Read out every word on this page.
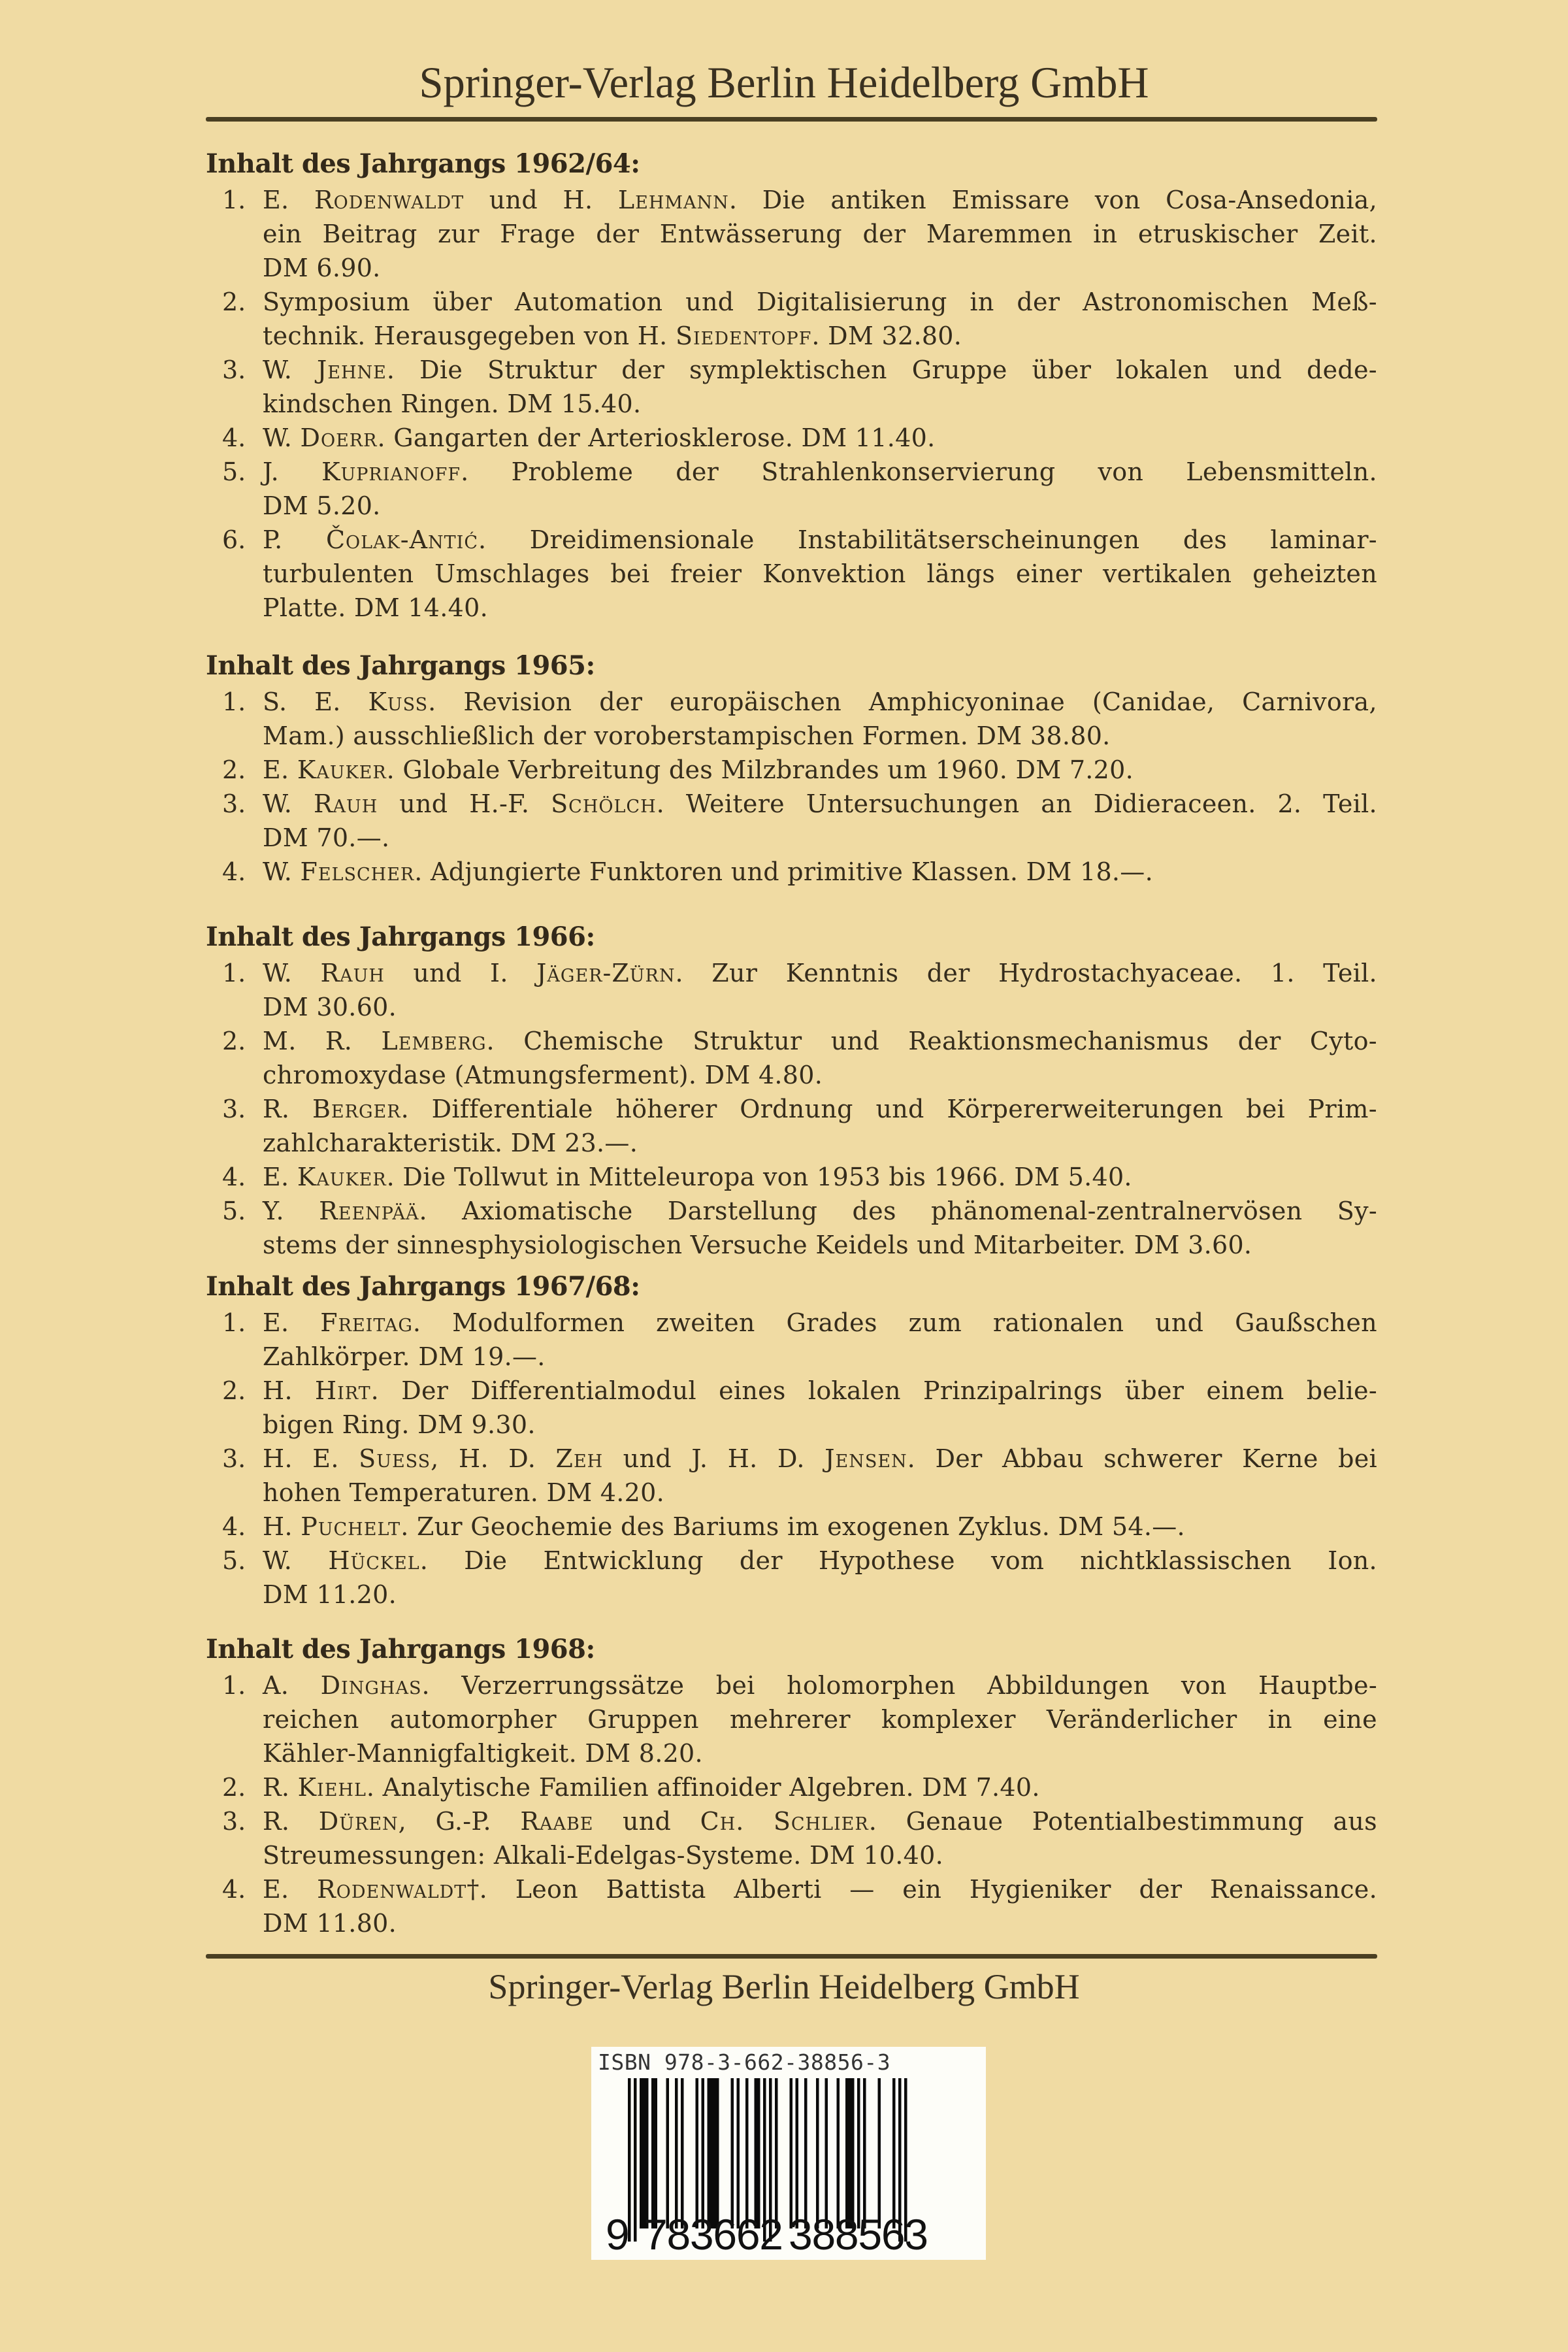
Springer-Verlag Berlin Heidelberg GmbH
Inhalt des Jahrgangs 1962/64:
1. E. Rodenwaldt und H. Lehmann. Die antiken Emissare von Cosa-Ansedonia,
ein Beitrag zur Frage der Entwässerung der Maremmen in etruskischer Zeit.
DM 6.90.
2. Symposium über Automation und Digitalisierung in der Astronomischen Meß-
technik. Herausgegeben von H. Siedentopf. DM 32.80.
3. W. Jehne. Die Struktur der symplektischen Gruppe über lokalen und dede-
kindschen Ringen. DM 15.40.
4. W. Doerr. Gangarten der Arteriosklerose. DM 11.40.
5. J. Kuprianoff. Probleme der Strahlenkonservierung von Lebensmitteln.
DM 5.20.
6. P. Čolak-Antić. Dreidimensionale Instabilitätserscheinungen des laminar-
turbulenten Umschlages bei freier Konvektion längs einer vertikalen geheizten
Platte. DM 14.40.
Inhalt des Jahrgangs 1965:
1. S. E. Kuss. Revision der europäischen Amphicyoninae (Canidae, Carnivora,
Mam.) ausschließlich der voroberstampischen Formen. DM 38.80.
2. E. Kauker. Globale Verbreitung des Milzbrandes um 1960. DM 7.20.
3. W. Rauh und H.-F. Schölch. Weitere Untersuchungen an Didieraceen. 2. Teil.
DM 70.—.
4. W. Felscher. Adjungierte Funktoren und primitive Klassen. DM 18.—.
Inhalt des Jahrgangs 1966:
1. W. Rauh und I. Jäger-Zürn. Zur Kenntnis der Hydrostachyaceae. 1. Teil.
DM 30.60.
2. M. R. Lemberg. Chemische Struktur und Reaktionsmechanismus der Cyto-
chromoxydase (Atmungsferment). DM 4.80.
3. R. Berger. Differentiale höherer Ordnung und Körpererweiterungen bei Prim-
zahlcharakteristik. DM 23.—.
4. E. Kauker. Die Tollwut in Mitteleuropa von 1953 bis 1966. DM 5.40.
5. Y. Reenpää. Axiomatische Darstellung des phänomenal-zentralnervösen Sy-
stems der sinnesphysiologischen Versuche Keidels und Mitarbeiter. DM 3.60.
Inhalt des Jahrgangs 1967/68:
1. E. Freitag. Modulformen zweiten Grades zum rationalen und Gaußschen
Zahlkörper. DM 19.—.
2. H. Hirt. Der Differentialmodul eines lokalen Prinzipalrings über einem belie-
bigen Ring. DM 9.30.
3. H. E. Suess, H. D. Zeh und J. H. D. Jensen. Der Abbau schwerer Kerne bei
hohen Temperaturen. DM 4.20.
4. H. Puchelt. Zur Geochemie des Bariums im exogenen Zyklus. DM 54.—.
5. W. Hückel. Die Entwicklung der Hypothese vom nichtklassischen Ion.
DM 11.20.
Inhalt des Jahrgangs 1968:
1. A. Dinghas. Verzerrungssätze bei holomorphen Abbildungen von Hauptbe-
reichen automorpher Gruppen mehrerer komplexer Veränderlicher in eine
Kähler-Mannigfaltigkeit. DM 8.20.
2. R. Kiehl. Analytische Familien affinoider Algebren. DM 7.40.
3. R. Düren, G.-P. Raabe und Ch. Schlier. Genaue Potentialbestimmung aus
Streumessungen: Alkali-Edelgas-Systeme. DM 10.40.
4. E. Rodenwaldt†. Leon Battista Alberti — ein Hygieniker der Renaissance.
DM 11.80.
Springer-Verlag Berlin Heidelberg GmbH
ISBN 978-3-662-38856-3
9 783662 388563
